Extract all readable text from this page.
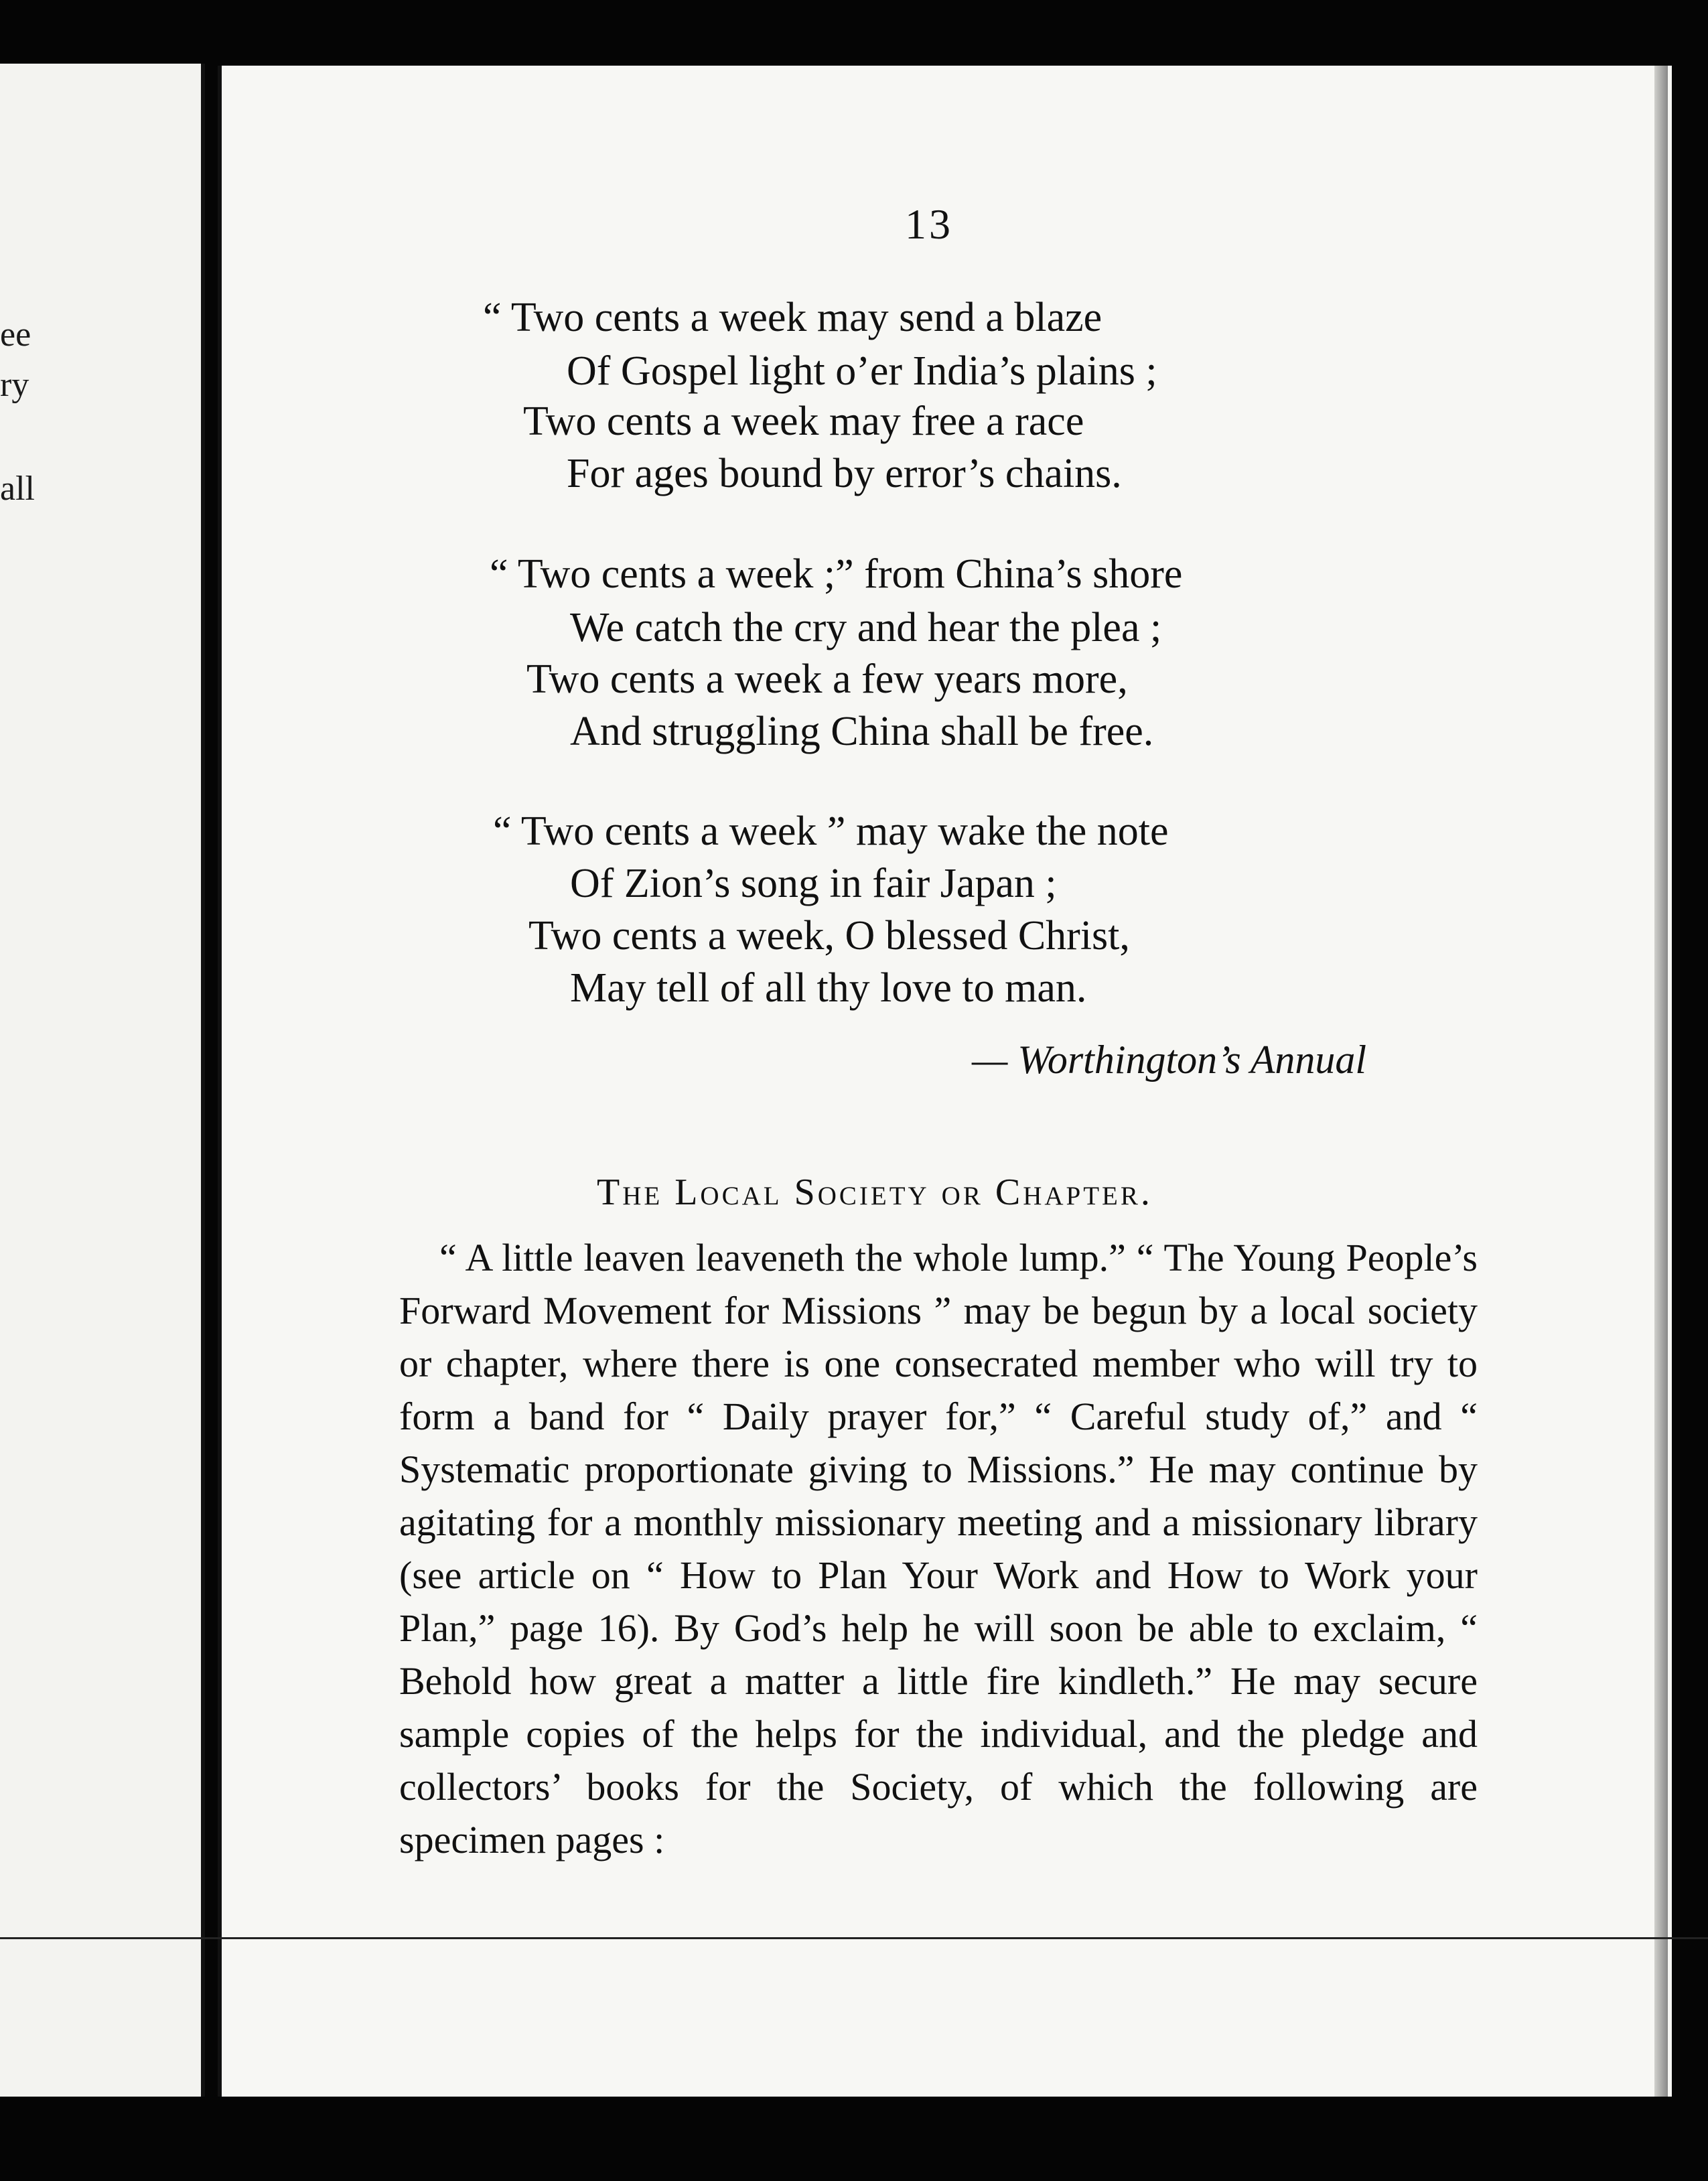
ee
ry
all
13
“ Two cents a week may send a blaze
Of Gospel light o’er India’s plains ;
Two cents a week may free a race
For ages bound by error’s chains.
“ Two cents a week ;” from China’s shore
We catch the cry and hear the plea ;
Two cents a week a few years more,
And struggling China shall be free.
“ Two cents a week ” may wake the note
Of Zion’s song in fair Japan ;
Two cents a week, O blessed Christ,
May tell of all thy love to man.
— Worthington’s Annual
The Local Society or Chapter.
“ A little leaven leaveneth the whole lump.” “ The Young People’s Forward Movement for Missions ” may be begun by a local society or chapter, where there is one consecrated member who will try to form a band for “ Daily prayer for,” “ Careful study of,” and “ Systematic proportionate giving to Missions.” He may continue by agitating for a monthly missionary meeting and a missionary library (see article on “ How to Plan Your Work and How to Work your Plan,” page 16). By God’s help he will soon be able to exclaim, “ Behold how great a matter a little fire kindleth.” He may secure sample copies of the helps for the individual, and the pledge and collectors’ books for the Society, of which the following are specimen pages :
